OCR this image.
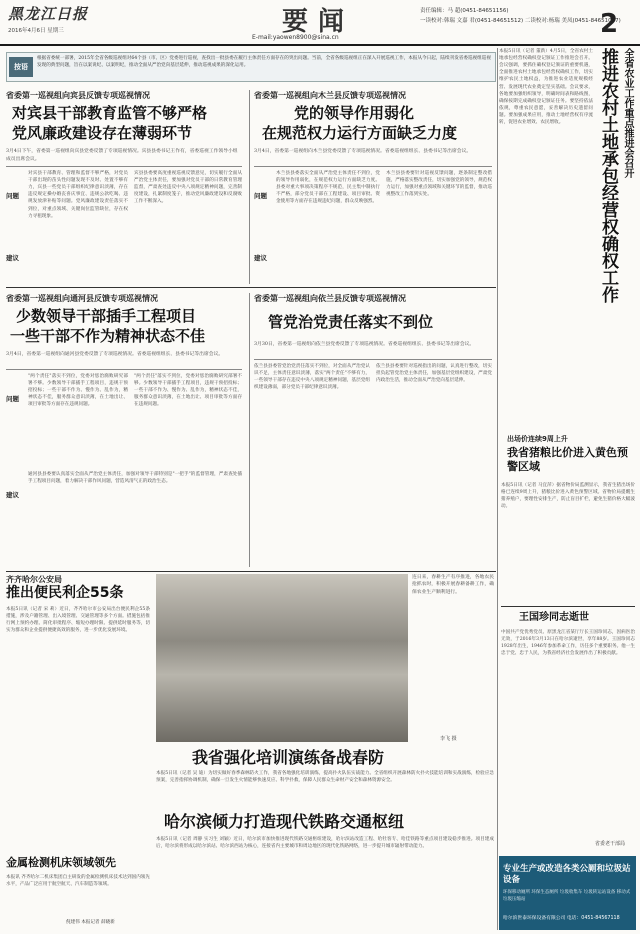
黑龙江日报
2016年4月6日 星期三	要闻
E-mail:yaowen8900@sina.cn
责任编辑：马 超(0451-84651156)
一读校对:韩瑞 文嘉 君(0451-84651512) 二读校对:杨瑞 美凤(0451-84651067)
2
按语
根据省委统一部署，2015年全省各级巡视组对64个县（市、区）党委进行巡视，查找出一批县委在履行主体责任方面存在的突出问题。当前，全省各级巡视组正在深入开展巡视工作，本报从今日起，陆续刊发省委巡视组巡视发现的典型问题，旨在以案说纪、以案明纪，推动全面从严治党向基层延伸，推动巡视成果的深化运用。
省委第一巡视组向宾县反馈专项巡视情况
对宾县干部教育监管不够严格
党风廉政建设存在薄弱环节
3月4日下午，省委第一巡视组向宾县党委反馈了专项巡视情况。宾县县委书记王作有，省委巡视工作领导小组成员出席会议。
问题
对宾县干部教育、管理和监督不够严格，对党员干部出现的苗头性问题发现不及时、处置不够有力，宾县一些党员干部组织纪律意识淡薄，存在违反规定操办婚丧喜庆事宜、违规公款吃喝、违规发放津补贴等问题。党风廉政建设责任落实不到位，对重点领域、关键岗位监管缺位，存在权力寻租现象。
建议
宾县县委要高度重视巡视反馈意见，切实履行全面从严治党主体责任，要加强对党员干部的日常教育管理监督，严肃查处违反中央八项规定精神问题，完善制度建设，扎紧制度笼子，推动党风廉政建设和反腐败工作不断深入。
省委第一巡视组向木兰县反馈专项巡视情况
党的领导作用弱化
在规范权力运行方面缺乏力度
3月4日，省委第一巡视组向木兰县党委反馈了专项巡视情况。省委巡视组组长、县委书记等出席会议。
问题
木兰县县委落实全面从严治党主体责任不到位，党的领导作用弱化，在规范权力运行方面缺乏力度。县委对重大事项决策程序不规范，民主集中制执行不严格，部分党员干部在工程建设、项目审批、资金使用等方面存在违规违纪问题，群众反映强烈。
建议
木兰县县委要针对巡视反馈问题，逐条制定整改措施，严格落实整改责任，切实加强党的领导，规范权力运行，加强对重点领域和关键环节的监督，推动巡视整改工作落到实处。
省委第一巡视组向通河县反馈专项巡视情况
少数领导干部插手工程项目
一些干部不作为精神状态不佳
3月4日，省委第一巡视组向通河县党委反馈了专项巡视情况。省委巡视组组长、县委书记等出席会议。
问题
"两个责任"落实不到位，党委对惩治腐败研究部署不够。少数领导干部插手工程项目，违规干预招投标；一些干部不作为、慢作为、乱作为，精神状态不佳，服务群众意识淡薄，在土地出让、项目审批等方面存在违规问题。
建议
通河县县委要认真落实全面从严治党主体责任，加强对领导干部特别是"一把手"的监督管理，严肃查处插手工程项目问题，着力解决干部作风问题，营造风清气正的政治生态。
"两个责任"落实不到位，党委对惩治腐败研究部署不够。少数领导干部插手工程项目，违规干预招投标；一些干部不作为、慢作为、乱作为，精神状态不佳，服务群众意识淡薄，在土地出让、项目审批等方面存在违规问题。
省委第一巡视组向依兰县反馈专项巡视情况
管党治党责任落实不到位
3月30日，省委第一巡视组向依兰县党委反馈了专项巡视情况。省委巡视组组长、县委书记等出席会议。
依兰县县委管党治党责任落实不到位，对全面从严治党认识不足，主体责任意识淡薄，落实"两个责任"不够有力，一些领导干部存在违反中央八项规定精神问题，基层党组织建设薄弱，部分党员干部纪律意识淡薄。
依兰县县委要针对巡视指出的问题，认真进行整改，切实担负起管党治党主体责任，加强基层党组织建设，严肃党内政治生活，推动全面从严治党向基层延伸。
全省农业工作重点推进会召开
推进农村土地承包经营权确权工作
本报5日讯（记者 董新）4月5日，全省农村土地承包经营权确权登记颁证工作推进会召开。会议强调，要抓住确权登记颁证的重要机遇，全面推进农村土地承包经营权确权工作，切实维护农民土地权益，为推进农业适度规模经营、发展现代农业奠定坚实基础。会议要求，各地要加强组织领导，明确时间表和路线图，确保按期完成确权登记颁证任务。要坚持依法依规，尊重农民意愿，妥善解决历史遗留问题。要加强成果应用，推动土地经营权有序流转，促进农业增效、农民增收。
齐齐哈尔公安局
推出便民利企55条
本报5日讯（记者 宋 莉）近日，齐齐哈尔市公安局出台便民利企55条措施，涉及户籍管理、出入境管理、交通管理等多个方面。措施包括推行网上预约办理、简化审批程序、缩短办理时限、提供延时服务等，切实为群众和企业提供便捷高效的服务，进一步优化发展环境。
连日来，春耕生产有序推进，各地农民抢抓农时，积极开展春耕备耕工作，确保农业生产顺利进行。
李飞 摄
出场价连续9周上升
我省猪粮比价进入黄色预警区域
本报5日讯（记者 马宜萍）据省物价局监测显示，我省生猪出场价格已连续9周上升，猪粮比价进入黄色预警区域。省物价局提醒生猪养殖户，要理性安排生产，防止盲目扩栏，避免生猪价格大幅波动。
我省强化培训演练备战春防
本报5日讯（记者 吴 迪）为切实做好春季森林防火工作，我省各地强化培训演练，提高扑火队伍实战能力。全省组织开展森林防火扑火技能培训和实战演练，检验应急预案，完善指挥协调机制，确保一旦发生火情能够快速反应、科学扑救，保障人民群众生命财产安全和森林资源安全。
哈尔滨倾力打造现代铁路交通枢纽
本报5日讯（记者 周静 实习生 刘颖）近日，哈尔滨市加快推进现代铁路交通枢纽建设，哈尔滨站改造工程、哈牡客专、哈佳铁路等重点项目建设稳步推进。项目建成后，哈尔滨将形成以哈尔滨站、哈尔滨西站为核心，连接省内主要城市和周边地区的现代化铁路网络，进一步提升城市辐射带动能力。
金属检测机床领域领先
本报讯 齐齐哈尔二机床集团自主研发的金属检测机床技术达到国内领先水平，产品广泛应用于航空航天、汽车制造等领域。
倪建伟 本报记者 薛晓新
王国珍同志逝世
中国共产党优秀党员、原黑龙江省某厅厅长王国珍同志，因病医治无效，于2016年3月13日在哈尔滨逝世，享年88岁。王国珍同志1928年出生，1946年参加革命工作，历任多个重要职务。他一生忠于党、忠于人民，为我省经济社会发展作出了积极贡献。
省委老干部局
专业生产或改造各类公厕和垃圾站设备
环保移动厕所 环保生态厕所 垃圾收集车 垃圾转运站设备 移动式垃圾压缩站
哈尔滨世泰环保设备有限公司 电话：0451-84567118
